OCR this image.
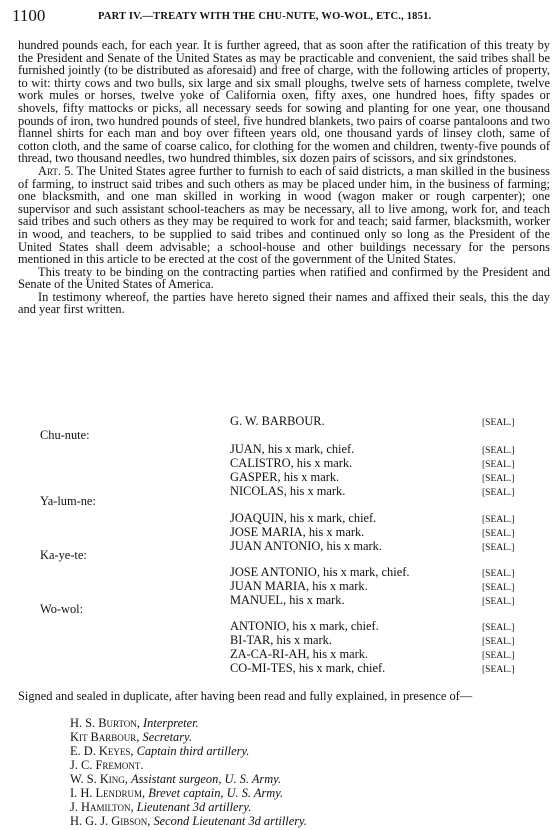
1100	PART IV.—TREATY WITH THE CHU-NUTE, WO-WOL, ETC., 1851.

hundred pounds each, for each year. It is further agreed, that as soon after the ratification of this treaty by the President and Senate of the United States as may be practicable and convenient, the said tribes shall be furnished jointly (to be distributed as aforesaid) and free of charge, with the following articles of property, to wit: thirty cows and two bulls, six large and six small ploughs, twelve sets of harness complete, twelve work mules or horses, twelve yoke of California oxen, fifty axes, one hundred hoes, fifty spades or shovels, fifty mattocks or picks, all necessary seeds for sowing and planting for one year, one thousand pounds of iron, two hundred pounds of steel, five hundred blankets, two pairs of coarse pantaloons and two flannel shirts for each man and boy over fifteen years old, one thousand yards of linsey cloth, same of cotton cloth, and the same of coarse calico, for clothing for the women and children, twenty-five pounds of thread, two thousand needles, two hundred thimbles, six dozen pairs of scissors, and six grindstones.

Art. 5. The United States agree further to furnish to each of said districts, a man skilled in the business of farming, to instruct said tribes and such others as may be placed under him, in the business of farming; one blacksmith, and one man skilled in working in wood (wagon maker or rough carpenter); one supervisor and such assistant school-teachers as may be necessary, all to live among, work for, and teach said tribes and such others as they may be required to work for and teach; said farmer, blacksmith, worker in wood, and teachers, to be supplied to said tribes and continued only so long as the President of the United States shall deem advisable; a school-house and other buildings necessary for the persons mentioned in this article to be erected at the cost of the government of the United States.

This treaty to be binding on the contracting parties when ratified and confirmed by the President and Senate of the United States of America.

In testimony whereof, the parties have hereto signed their names and affixed their seals, this the day and year first written.

G. W. BARBOUR.	[SEAL.]
Chu-nute:
JUAN, his x mark, chief.	[SEAL.]
CALISTRO, his x mark.	[SEAL.]
GASPER, his x mark.	[SEAL.]
NICOLAS, his x mark.	[SEAL.]
Ya-lum-ne:
JOAQUIN, his x mark, chief.	[SEAL.]
JOSE MARIA, his x mark.	[SEAL.]
JUAN ANTONIO, his x mark.	[SEAL.]
Ka-ye-te:
JOSE ANTONIO, his x mark, chief.	[SEAL.]
JUAN MARIA, his x mark.	[SEAL.]
MANUEL, his x mark.	[SEAL.]
Wo-wol:
ANTONIO, his x mark, chief.	[SEAL.]
BI-TAR, his x mark.	[SEAL.]
ZA-CA-RI-AH, his x mark.	[SEAL.]
CO-MI-TES, his x mark, chief.	[SEAL.]
Signed and sealed in duplicate, after having been read and fully explained, in presence of—
H. S. Burton, Interpreter.
Kit Barbour, Secretary.
E. D. Keyes, Captain third artillery.
J. C. Fremont.
W. S. King, Assistant surgeon, U. S. Army.
I. H. Lendrum, Brevet captain, U. S. Army.
J. Hamilton, Lieutenant 3d artillery.
H. G. J. Gibson, Second Lieutenant 3d artillery.
